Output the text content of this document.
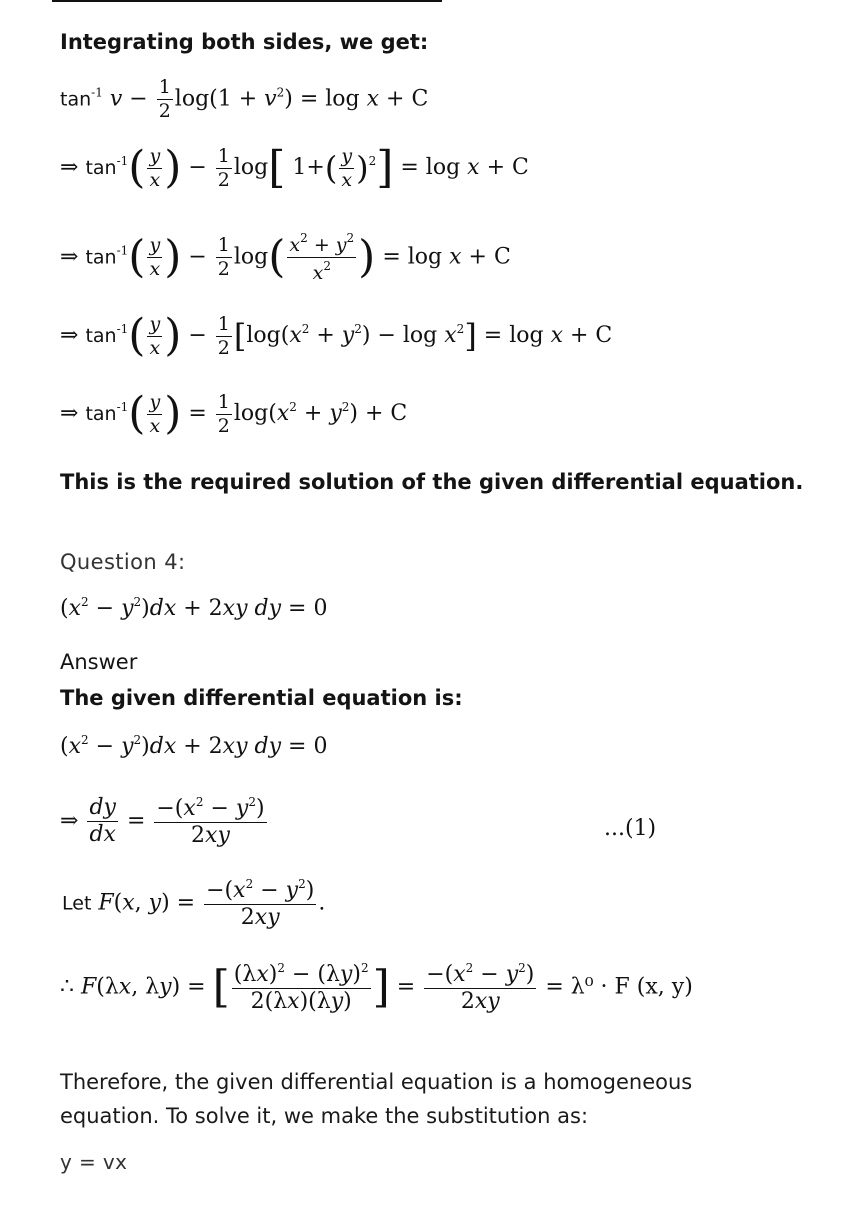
Integrating both sides, we get:
$\tan^{-1} v - \frac{1}{2} \log(1 + v^2) = \log x + C$
⇒ $\tan^{-1}( \frac{y}{x}$ ) − $\frac{1}{2} \log$[ $1+( \frac{y}{x} )^2] = \log x + C$
⇒ $\tan^{-1}( \frac{y}{x}$ ) − $\frac{1}{2} \log( \frac{x^2 + y^2}{x^2}$ ) = log x + C
⇒ $\tan^{-1}( \frac{y}{x}$ ) − $\frac{1}{2} [\log(x^2 + y^2) - \log x^2] = \log x + C$
⇒ $\tan^{-1}( \frac{y}{x}$ ) = $\frac{1}{2} \log(x^2 + y^2) + C$
This is the required solution of the given differential equation.
Question 4:
$(x^2 - y^2)dx + 2xy$ dy = 0
Answer
The given differential equation is:
$(x^2 - y^2)dx + 2xy$ dy = 0
⇒ $\frac{dy}{dx} = \frac{-(x^2 - y^2)}{2xy}$	...(1)
Let F(x, $y) = \frac{-(x^2 - y^2)}{2xy}$ .
∴ F(λx, λy) = [ $\frac{(\lambda x)^2 - (\lambda y)^2}{2(\lambda x)(\lambda y)}$ ] = $\frac{-(x^2 - y^2)}{2xy} = \lambda^0 \cdot F$ (x, y)
Therefore, the given differential equation is a homogeneous
equation. To solve it, we make the substitution as:
y = vx
